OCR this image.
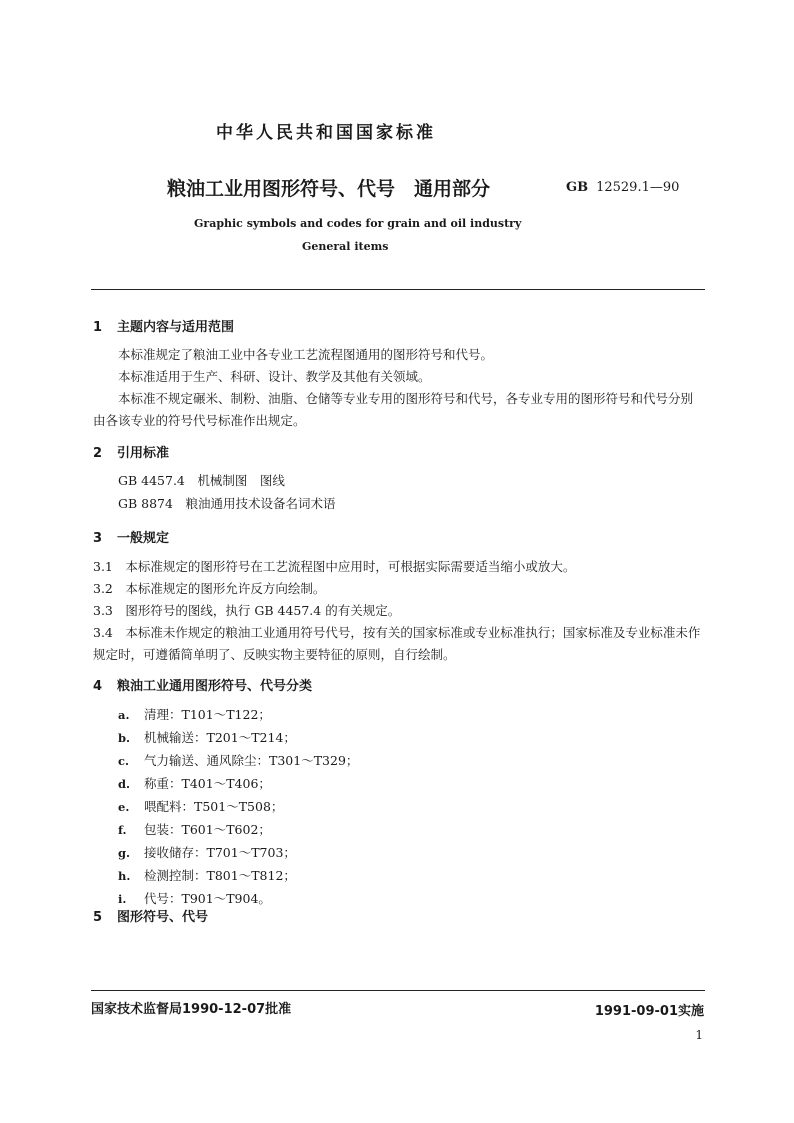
中华人民共和国国家标准
粮油工业用图形符号、代号　通用部分	GB 12529.1—90
Graphic symbols and codes for grain and oil industry
General items
1 主题内容与适用范围
本标准规定了粮油工业中各专业工艺流程图通用的图形符号和代号。
本标准适用于生产、科研、设计、教学及其他有关领域。
本标准不规定碾米、制粉、油脂、仓储等专业专用的图形符号和代号，各专业专用的图形符号和代号分别由各该专业的符号代号标准作出规定。
2 引用标准
GB 4457.4　机械制图　图线
GB 8874　粮油通用技术设备名词术语
3 一般规定
3.1　本标准规定的图形符号在工艺流程图中应用时，可根据实际需要适当缩小或放大。
3.2　本标准规定的图形允许反方向绘制。
3.3　图形符号的图线，执行 GB 4457.4 的有关规定。
3.4　本标准未作规定的粮油工业通用符号代号，按有关的国家标准或专业标准执行；国家标准及专业标准未作规定时，可遵循简单明了、反映实物主要特征的原则，自行绘制。
4 粮油工业通用图形符号、代号分类
a. 清理：T101～T122；
b. 机械输送：T201～T214；
c. 气力输送、通风除尘：T301～T329；
d. 称重：T401～T406；
e. 喂配料：T501～T508；
f. 包装：T601～T602；
g. 接收储存：T701～T703；
h. 检测控制：T801～T812；
i. 代号：T901～T904。
5 图形符号、代号
国家技术监督局1990-12-07批准	1991-09-01实施
1
